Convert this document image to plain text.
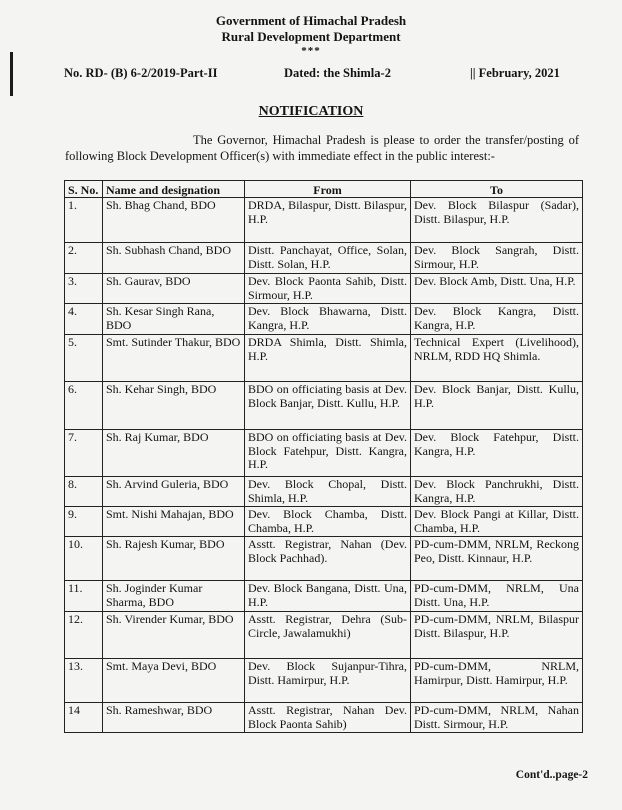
Government of Himachal Pradesh
Rural Development Department
***
No. RD- (B) 6-2/2019-Part-II	Dated: the Shimla-2	|| February, 2021
NOTIFICATION
The Governor, Himachal Pradesh is please to order the transfer/posting of following Block Development Officer(s) with immediate effect in the public interest:-
S. No.	Name and designation	From	To
1.	Sh. Bhag Chand, BDO	DRDA, Bilaspur, Distt. Bilaspur, H.P.	Dev. Block Bilaspur (Sadar), Distt. Bilaspur, H.P.
2.	Sh. Subhash Chand, BDO	Distt. Panchayat, Office, Solan, Distt. Solan, H.P.	Dev. Block Sangrah, Distt. Sirmour, H.P.
3.	Sh. Gaurav, BDO	Dev. Block Paonta Sahib, Distt. Sirmour, H.P.	Dev. Block Amb, Distt. Una, H.P.
4.	Sh. Kesar Singh Rana, BDO	Dev. Block Bhawarna, Distt. Kangra, H.P.	Dev. Block Kangra, Distt. Kangra, H.P.
5.	Smt. Sutinder Thakur, BDO	DRDA Shimla, Distt. Shimla, H.P.	Technical Expert (Livelihood), NRLM, RDD HQ Shimla.
6.	Sh. Kehar Singh, BDO	BDO on officiating basis at Dev. Block Banjar, Distt. Kullu, H.P.	Dev. Block Banjar, Distt. Kullu, H.P.
7.	Sh. Raj Kumar, BDO	BDO on officiating basis at Dev. Block Fatehpur, Distt. Kangra, H.P.	Dev. Block Fatehpur, Distt. Kangra, H.P.
8.	Sh. Arvind Guleria, BDO	Dev. Block Chopal, Distt. Shimla, H.P.	Dev. Block Panchrukhi, Distt. Kangra, H.P.
9.	Smt. Nishi Mahajan, BDO	Dev. Block Chamba, Distt. Chamba, H.P.	Dev. Block Pangi at Killar, Distt. Chamba, H.P.
10.	Sh. Rajesh Kumar, BDO	Asstt. Registrar, Nahan (Dev. Block Pachhad).	PD-cum-DMM, NRLM, Reckong Peo, Distt. Kinnaur, H.P.
11.	Sh. Joginder Kumar Sharma, BDO	Dev. Block Bangana, Distt. Una, H.P.	PD-cum-DMM, NRLM, Una Distt. Una, H.P.
12.	Sh. Virender Kumar, BDO	Asstt. Registrar, Dehra (Sub-Circle, Jawalamukhi)	PD-cum-DMM, NRLM, Bilaspur Distt. Bilaspur, H.P.
13.	Smt. Maya Devi, BDO	Dev. Block Sujanpur-Tihra, Distt. Hamirpur, H.P.	PD-cum-DMM, NRLM, Hamirpur, Distt. Hamirpur, H.P.
14	Sh. Rameshwar, BDO	Asstt. Registrar, Nahan Dev. Block Paonta Sahib)	PD-cum-DMM, NRLM, Nahan Distt. Sirmour, H.P.
Cont'd..page-2
